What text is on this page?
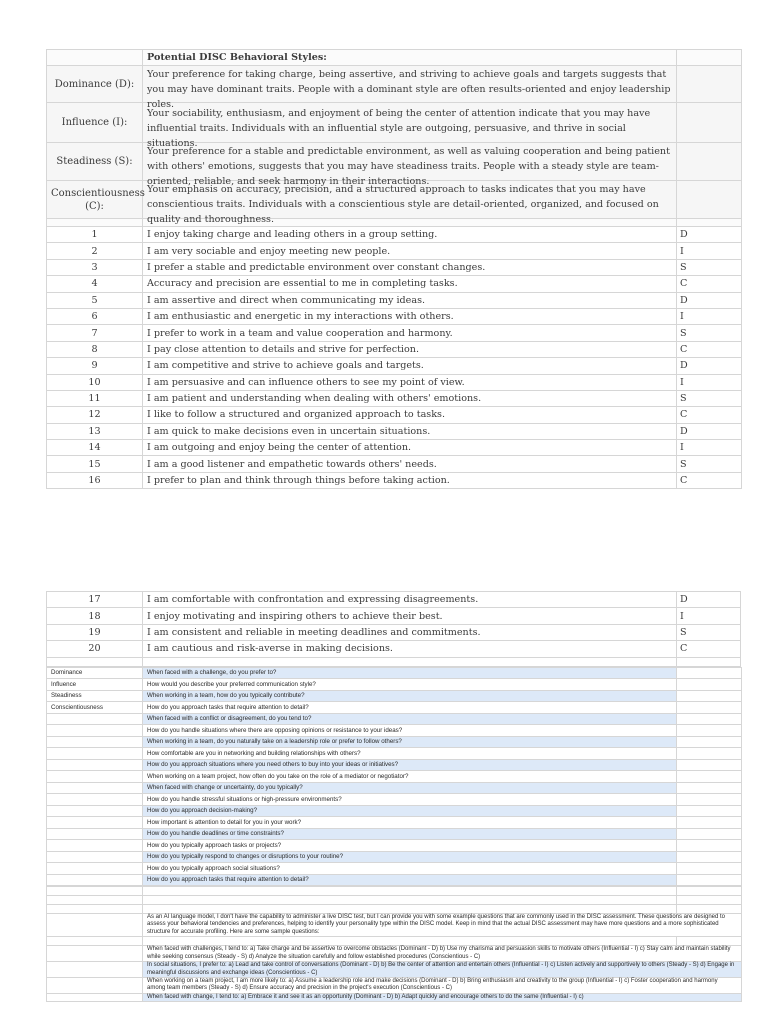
	Potential DISC Behavioral Styles:	
Dominance (D):	Your preference for taking charge, being assertive, and striving to achieve goals and targets suggests that you may have dominant traits. People with a dominant style are often results-oriented and enjoy leadership roles.	

Influence (I):	Your sociability, enthusiasm, and enjoyment of being the center of attention indicate that you may have influential traits. Individuals with an influential style are outgoing, persuasive, and thrive in social situations.	

Steadiness (S):	Your preference for a stable and predictable environment, as well as valuing cooperation and being patient with others' emotions, suggests that you may have steadiness traits. People with a steady style are team-oriented, reliable, and seek harmony in their interactions.	

Conscientiousness (C):	Your emphasis on accuracy, precision, and a structured approach to tasks indicates that you may have conscientious traits. Individuals with a conscientious style are detail-oriented, organized, and focused on quality and thoroughness.	

1	I enjoy taking charge and leading others in a group setting.	D
2	I am very sociable and enjoy meeting new people.	I
3	I prefer a stable and predictable environment over constant changes.	S
4	Accuracy and precision are essential to me in completing tasks.	C
5	I am assertive and direct when communicating my ideas.	D
6	I am enthusiastic and energetic in my interactions with others.	I
7	I prefer to work in a team and value cooperation and harmony.	S
8	I pay close attention to details and strive for perfection.	C
9	I am competitive and strive to achieve goals and targets.	D
10	I am persuasive and can influence others to see my point of view.	I
11	I am patient and understanding when dealing with others' emotions.	S
12	I like to follow a structured and organized approach to tasks.	C
13	I am quick to make decisions even in uncertain situations.	D
14	I am outgoing and enjoy being the center of attention.	I
15	I am a good listener and empathetic towards others' needs.	S
16	I prefer to plan and think through things before taking action.	C
17	I am comfortable with confrontation and expressing disagreements.	D
18	I enjoy motivating and inspiring others to achieve their best.	I
19	I am consistent and reliable in meeting deadlines and commitments.	S
20	I am cautious and risk-averse in making decisions.	C

Dominance	When faced with a challenge, do you prefer to?	
Influence	How would you describe your preferred communication style?	
Steadiness	When working in a team, how do you typically contribute?	
Conscientiousness	How do you approach tasks that require attention to detail?	
	When faced with a conflict or disagreement, do you tend to?	
	How do you handle situations where there are opposing opinions or resistance to your ideas?	
	When working in a team, do you naturally take on a leadership role or prefer to follow others?	
	How comfortable are you in networking and building relationships with others?	
	How do you approach situations where you need others to buy into your ideas or initiatives?	
	When working on a team project, how often do you take on the role of a mediator or negotiator?	
	When faced with change or uncertainty, do you typically?	
	How do you handle stressful situations or high-pressure environments?	
	How do you approach decision-making?	
	How important is attention to detail for you in your work?	
	How do you handle deadlines or time constraints?	
	How do you typically approach tasks or projects?	
	How do you typically respond to changes or disruptions to your routine?	
	How do you typically approach social situations?	
	How do you approach tasks that require attention to detail?	

	As an AI language model, I don't have the capability to administer a live DISC test, but I can provide you with some example questions that are commonly used in the DISC assessment. These questions are designed to assess your behavioral tendencies and preferences, helping to identify your personality type within the DISC model. Keep in mind that the actual DISC assessment may have more questions and a more sophisticated structure for accurate profiling. Here are some sample questions:	

	When faced with challenges, I tend to: a) Take charge and be assertive to overcome obstacles (Dominant - D) b) Use my charisma and persuasion skills to motivate others (Influential - I) c) Stay calm and maintain stability while seeking consensus (Steady - S) d) Analyze the situation carefully and follow established procedures (Conscientious - C)	
	In social situations, I prefer to: a) Lead and take control of conversations (Dominant - D) b) Be the center of attention and entertain others (Influential - I) c) Listen actively and supportively to others (Steady - S) d) Engage in meaningful discussions and exchange ideas (Conscientious - C)	
	When working on a team project, I am more likely to: a) Assume a leadership role and make decisions (Dominant - D) b) Bring enthusiasm and creativity to the group (Influential - I) c) Foster cooperation and harmony among team members (Steady - S) d) Ensure accuracy and precision in the project's execution (Conscientious - C)	
	When faced with change, I tend to: a) Embrace it and see it as an opportunity (Dominant - D) b) Adapt quickly and encourage others to do the same (Influential - I) c)	
